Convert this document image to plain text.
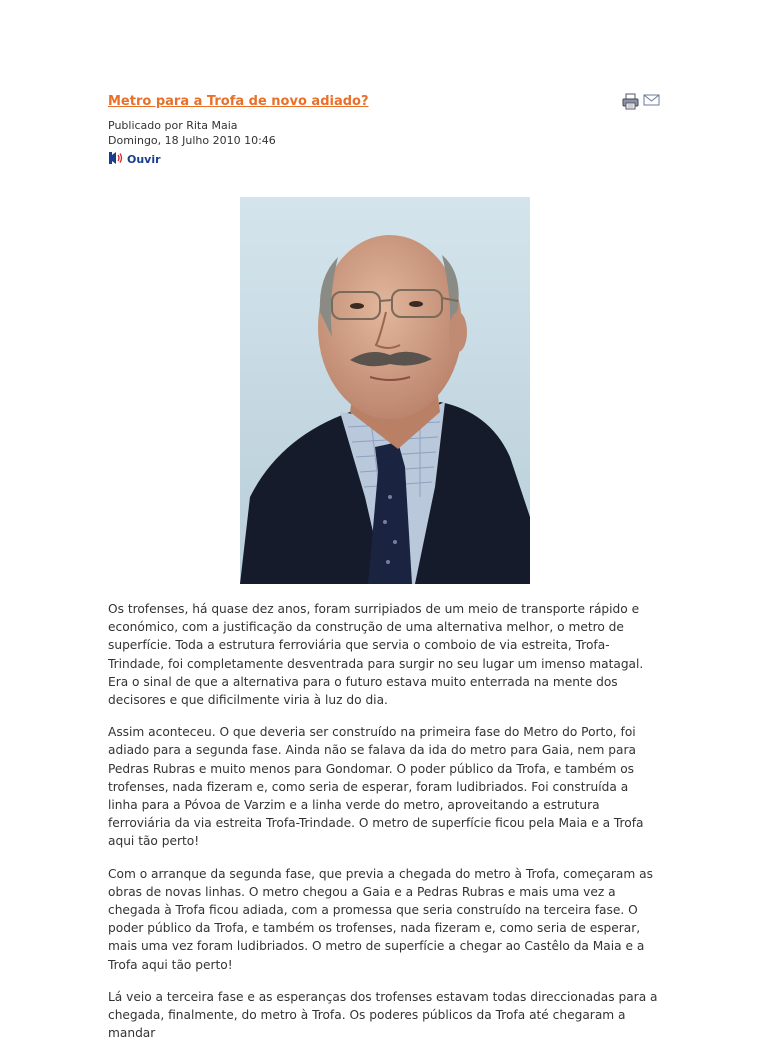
Metro para a Trofa de novo adiado?
Publicado por Rita Maia
Domingo, 18 Julho 2010 10:46
Ouvir

Os trofenses, há quase dez anos, foram surripiados de um meio de transporte rápido e económico, com a justificação da construção de uma alternativa melhor, o metro de superfície. Toda a estrutura ferroviária que servia o comboio de via estreita, Trofa-Trindade, foi completamente desventrada para surgir no seu lugar um imenso matagal. Era o sinal de que a alternativa para o futuro estava muito enterrada na mente dos decisores e que dificilmente viria à luz do dia.

Assim aconteceu. O que deveria ser construído na primeira fase do Metro do Porto, foi adiado para a segunda fase. Ainda não se falava da ida do metro para Gaia, nem para Pedras Rubras e muito menos para Gondomar. O poder público da Trofa, e também os trofenses, nada fizeram e, como seria de esperar, foram ludibriados. Foi construída a linha para a Póvoa de Varzim e a linha verde do metro, aproveitando a estrutura ferroviária da via estreita Trofa-Trindade. O metro de superfície ficou pela Maia e a Trofa aqui tão perto!

Com o arranque da segunda fase, que previa a chegada do metro à Trofa, começaram as obras de novas linhas. O metro chegou a Gaia e a Pedras Rubras e mais uma vez a chegada à Trofa ficou adiada, com a promessa que seria construído na terceira fase. O poder público da Trofa, e também os trofenses, nada fizeram e, como seria de esperar, mais uma vez foram ludibriados. O metro de superfície a chegar ao Castêlo da Maia e a Trofa aqui tão perto!

Lá veio a terceira fase e as esperanças dos trofenses estavam todas direccionadas para a chegada, finalmente, do metro à Trofa. Os poderes públicos da Trofa até chegaram a mandar
